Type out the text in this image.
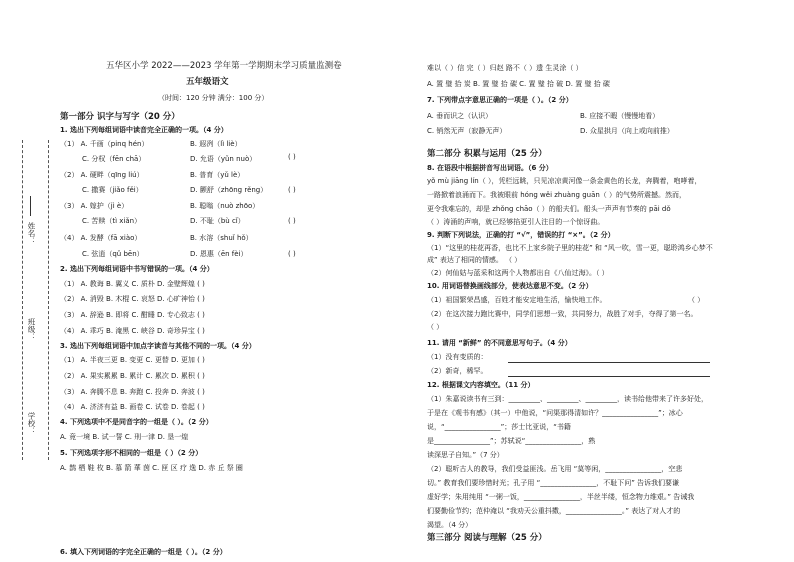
五华区小学 2022——2023 学年第一学期期末学习质量监测卷
五年级语文
（时间：120 分钟 满分：100 分）
姓名：
班级：
学校：
第一部分 识字与写字（20 分）
1. 选出下列每组词语中读音完全正确的一项。（4 分）
（1） A. 千画（pinq hén）	B. 遐冽（lì liè）
( )
C. 分权（fēn chā）	D. 允语（yǔn nuò）
（2） A. 硬畔（qīng liú）	B. 普育（yǔ lè）
( )
C. 撒赛（jiǎo fěi）	D. 颤舒（zhōng rěng）
（3） A. 嫁护（jì è）	B. 聪嗡（nuò zhōo）
( )
C. 苦赎（tì xiǎn）	D. 不耻（bù cǐ）
（4） A. 发酵（fā xiào）	B. 水溶（shuǐ hǒ）
( )
C. 弦逍（qǔ bēn）	D. 恩惠（ēn fèi）
2. 选出下列每组词语中书写错误的一项。（4 分）
（1） A. 教诲 B. 翼义 C. 质朴 D. 金壁辉煌 ( )
（2） A. 消毁 B. 木棍 C. 哀怒 D. 心旷神怡 ( )
（3） A. 辞逊 B. 即将 C. 酣睡 D. 专心致志 ( )
（4） A. 乖巧 B. 淹黑 C. 峡谷 D. 奇珍异宝 ( )
3. 选出下列每组词语中加点字读音与其他不同的一项。（4 分）
（1） A. 半夜三更 B. 变更 C. 更替 D. 更加 ( )
（2） A. 果实累累 B. 累计 C. 累次 D. 累积 ( )
（3） A. 奔腾不息 B. 奔跑 C. 投奔 D. 奔波 ( )
（4） A. 济济有益 B. 画卷 C. 试卷 D. 卷起 ( )
4. 下列选项中不是同音字的一组是（ ）。（2 分）
A. 竟一境 B. 试一誓 C. 刑一津 D. 垦一煌
5. 下列选项字形不相同的一组是（ ）（2 分）
A. 鹊 栖 鞋 枚 B. 慕 箭 華 茵 C. 匣 区 疗 逸 D. 赤 丘 祭 圈
6. 填入下列词语的字完全正确的一组是（ ）。（2 分）
难以（ ）信 完（ ）归赵 路不（ ）遗 生灵涂（ ）
A. 置 璧 拾 炭 B. 置 璧 拾 碳 C. 置 璧 拾 破 D. 置 璧 拾 碳
7. 下列带点字意思正确的一项是（ ）。（2 分）
A. 垂而识之（认识）	B. 应接不暇（慢慢地看）
C. 销然无声（寂静无声）	D. 众星拱月（向上或向前推）
第二部分 积累与运用（25 分）
8. 在语段中根据拼音写出词语。（6 分）
yǒ mù jiāng lín（ ），凭栏远眺，只见凉凉黄河像一条金黄色的长龙，奔腾着，咆哮着，
一路掀着浪涌而下。我被眼前 hóng wěi zhuàng guān（ ）的气势所震撼。然而，
更令我难忘的，却是 zhǒng chāo（ ）的船夫们。船头一声声有节奏的 pāi dǒ
（ ）涛涌的声响，就已经够掐更引人注目的一个惊讶曲。
9. 判断下列说法，正确的打 “√”，错误的打 “×”。（2 分）
（1）“这里的桂花再香，也比不上家乡院子里的桂花” 和 “风一吹，雪一更，聪聆鸿乡心梦不
成” 表达了相同的情感。 （ ）
（2）何仙姑与蓝采和这两个人物都出自《八仙过海》。（ ）
10. 用词语替换画线部分，使表达意思不变。（2 分）
（1）祖国繁荣昌盛，百姓才能安定地生活，愉快地工作。	（ ）
（2）在这次接力跑比赛中，同学们思想一致，共同努力，战胜了对手，夺得了第一名。
（ ）
11. 请用 “新鲜” 的不同意思写句子。（4 分）
（1）没有变质的：
（2）新奇，稀罕。
12. 根据课文内容填空。（11 分）
（1）朱嘉说读书有三到：_________、_________、_________，读书给他带来了许多好处，
于是在《观书有感》（其一）中他说，“问渠那得清如许？________________”；冰心
说，“________________”；莎士比亚说，“书籍
是________________”；苏轼说“________________，熟
读深思子自知。”（7 分）
（2）聪听古人的教导，我们受益匪浅。岳飞用 “莫等闲，________________，空悲
切。” 教育我们要珍惜时光；孔子用 “________________，不耻下问” 告诉我们要谦
虚好学；朱用纯用 “一粥一饭，________________，半丝半缕，恒念物力维艰。” 告诫我
们要勤俭节约；范仲淹以 “我劝天公重抖擞，________________。” 表达了对人才的
渴望。（4 分）
第三部分 阅读与理解（25 分）
